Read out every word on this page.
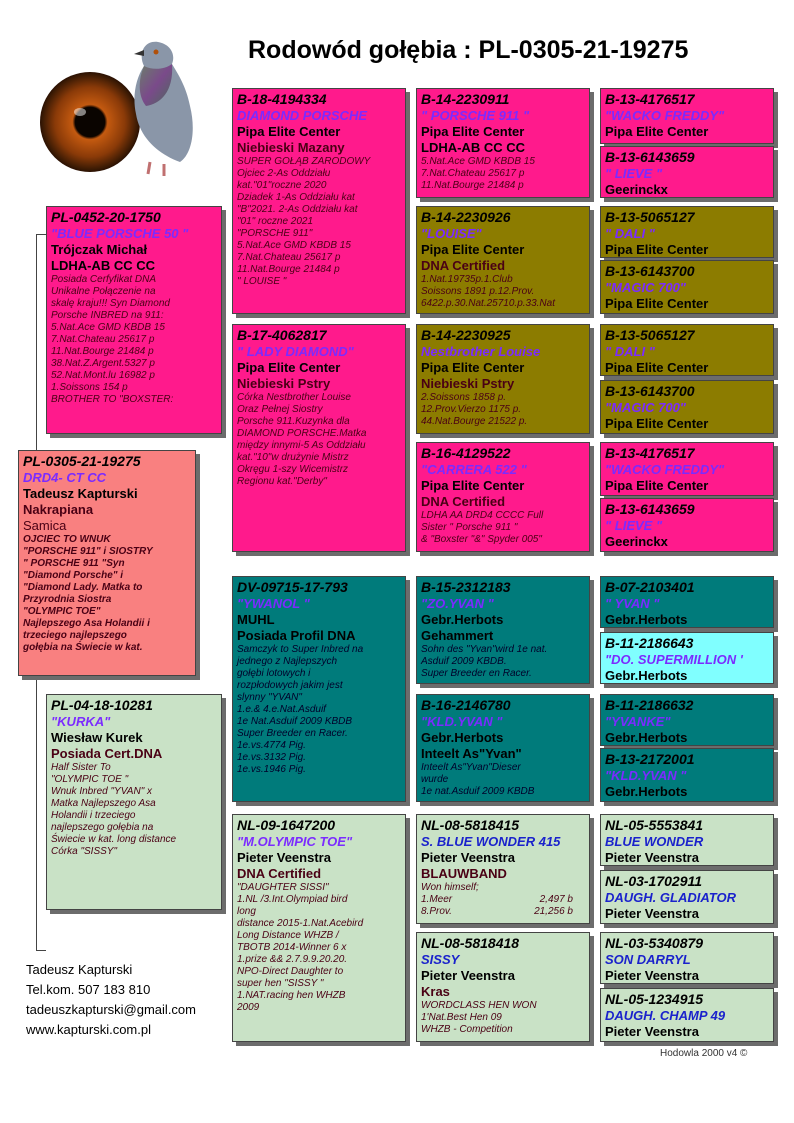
Rodowód gołębia : PL-0305-21-19275
PL-0305-21-19275
DRD4- CT CC
Tadeusz Kapturski
Nakrapiana
Samica
OJCIEC TO WNUK
"PORSCHE 911" i SIOSTRY
" PORSCHE 911 "Syn
"Diamond Porsche" i
"Diamond Lady. Matka to
Przyrodnia Siostra
"OLYMPIC TOE"
Najlepszego Asa Holandii i
trzeciego najlepszego
gołębia na Świecie w kat.
PL-0452-20-1750
"BLUE PORSCHE 50 "
Trójczak Michał
LDHA-AB CC CC
Posiada Cerfyfikat DNA
Unikalne Połączenie na
skalę kraju!!! Syn Diamond
Porsche INBRED na 911:
5.Nat.Ace GMD KBDB 15
7.Nat.Chateau 25617 p
11.Nat.Bourge 21484 p
38.Nat.Z.Argent.5327 p
52.Nat.Mont.lu 16982 p
1.Soissons 154 p
BROTHER TO "BOXSTER:
PL-04-18-10281
"KURKA"
Wiesław Kurek
Posiada Cert.DNA
Half Sister To
"OLYMPIC TOE "
Wnuk Inbred "YVAN" x
Matka Najlepszego Asa
Holandii i trzeciego
najlepszego gołębia na
Świecie w kat. long distance
Córka "SISSY"
B-18-4194334
DIAMOND PORSCHE
Pipa Elite Center
Niebieski Mazany
SUPER GOŁĄB ZARODOWY
Ojciec 2-As Oddziału
kat."01"roczne 2020
Dziadek 1-As Oddziału kat
"B"2021. 2-As Oddziału kat
"01" roczne 2021
"PORSCHE 911"
5.Nat.Ace GMD KBDB 15
7.Nat.Chateau 25617 p
11.Nat.Bourge 21484 p
" LOUISE "
B-17-4062817
" LADY DIAMOND"
Pipa Elite Center
Niebieski Pstry
Córka Nestbrother Louise
Oraz Pełnej Siostry
Porsche 911.Kuzynka dla
DIAMOND PORSCHE.Matka
między innymi-5 As Oddziału
kat."10"w drużynie Mistrz
Okręgu 1-szy Wicemistrz
Regionu kat."Derby"
DV-09715-17-793
"YWANOL "
MUHL
Posiada Profil DNA
Samczyk to Super Inbred na
jednego z Najlepszych
gołębi lotowych i
rozpłodowych jakim jest
slynny "YVAN"
1.e.& 4.e.Nat.Asduif
1e Nat.Asduif 2009 KBDB
Super Breeder en Racer.
1e.vs.4774 Pig.
1e.vs.3132 Pig.
1e.vs.1946 Pig.
NL-09-1647200
"M.OLYMPIC TOE"
Pieter Veenstra
DNA Certified
"DAUGHTER SISSI"
1.NL /3.Int.Olympiad bird
long
distance 2015-1.Nat.Acebird
Long Distance WHZB /
TBOTB 2014-Winner 6 x
1.prize && 2.7.9.9.20.20.
NPO-Direct Daughter to
super hen "SISSY "
1.NAT.racing hen WHZB
2009
B-14-2230911
" PORSCHE 911 "
Pipa Elite Center
LDHA-AB CC CC
5.Nat.Ace GMD KBDB 15
7.Nat.Chateau 25617 p
11.Nat.Bourge 21484 p
B-14-2230926
"LOUISE"
Pipa Elite Center
DNA Certified
1.Nat.19735p.1.Club
Soissons 1891 p.12.Prov.
6422.p.30.Nat.25710.p.33.Nat
B-14-2230925
Nestbrother Louise
Pipa Elite Center
Niebieski Pstry
2.Soissons 1858 p.
12.Prov.Vierzo 1175 p.
44.Nat.Bourge 21522 p.
B-16-4129522
"CARRERA 522 "
Pipa Elite Center
DNA Certified
LDHA AA DRD4 CCCC Full
Sister " Porsche 911 "
& "Boxster "&" Spyder 005"
B-15-2312183
"ZO.YVAN "
Gebr.Herbots
Gehammert
Sohn des "Yvan"wird 1e nat.
Asduif 2009 KBDB.
Super Breeder en Racer.
B-16-2146780
"KLD.YVAN "
Gebr.Herbots
Inteelt As"Yvan"
Inteelt As"Yvan"Dieser
wurde
1e nat.Asduif 2009 KBDB
NL-08-5818415
S. BLUE WONDER 415
Pieter Veenstra
BLAUWBAND
Won himself;
1.Meer	2,497 b
8.Prov.	21,256 b
NL-08-5818418
SISSY
Pieter Veenstra
Kras
WORDCLASS HEN WON
1'Nat.Best Hen 09
WHZB - Competition
B-13-4176517
"WACKO FREDDY"
Pipa Elite Center
B-13-6143659
" LIEVE "
Geerinckx
B-13-5065127
" DALI "
Pipa Elite Center
B-13-6143700
"MAGIC 700"
Pipa Elite Center
B-13-5065127
" DALI "
Pipa Elite Center
B-13-6143700
"MAGIC 700"
Pipa Elite Center
B-13-4176517
"WACKO FREDDY"
Pipa Elite Center
B-13-6143659
" LIEVE "
Geerinckx
B-07-2103401
" YVAN "
Gebr.Herbots
B-11-2186643
"DO. SUPERMILLION '
Gebr.Herbots
B-11-2186632
"YVANKE"
Gebr.Herbots
B-13-2172001
"KLD.YVAN "
Gebr.Herbots
NL-05-5553841
BLUE WONDER
Pieter Veenstra
NL-03-1702911
DAUGH. GLADIATOR
Pieter Veenstra
NL-03-5340879
SON DARRYL
Pieter Veenstra
NL-05-1234915
DAUGH. CHAMP 49
Pieter Veenstra
Tadeusz Kapturski
Tel.kom. 507 183 810
tadeuszkapturski@gmail.com
www.kapturski.com.pl
Hodowla 2000 v4 ©
